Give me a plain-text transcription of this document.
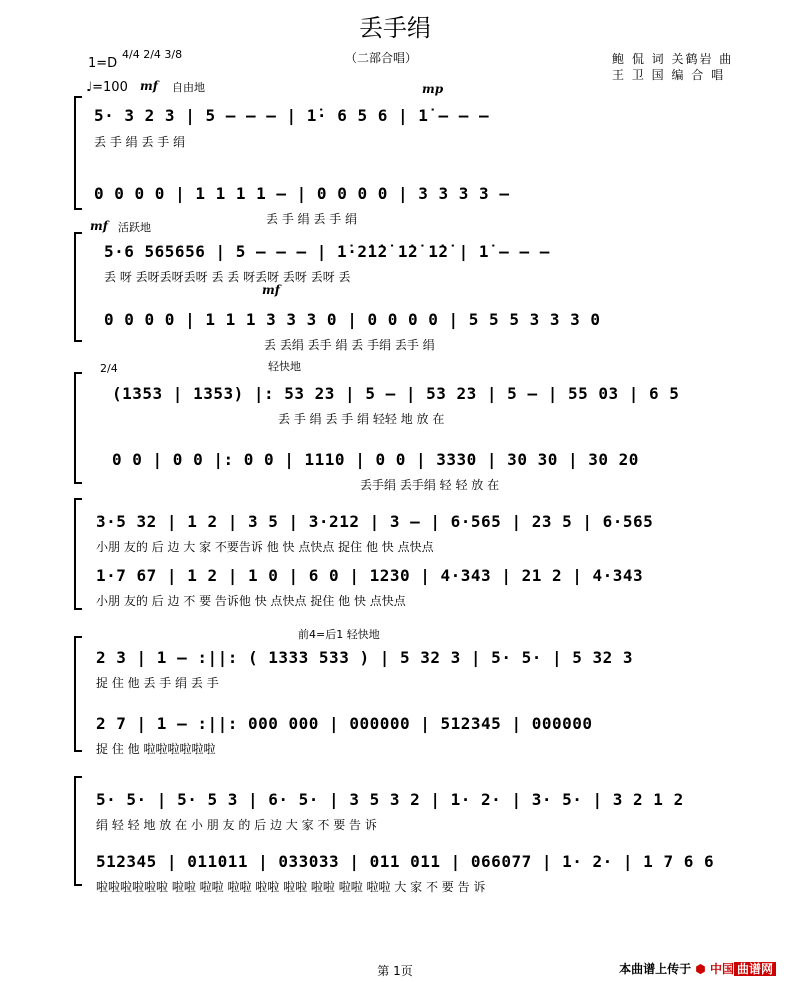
丢手绢
（二部合唱）	鲍 侃 词 关鹤岩 曲
王 卫 国 编 合 唱
1=D
4/4 2/4 3/8
♩=100 mf 自由地	mp
5· 3 2 3 | 5 – – – | 1̇· 6 5 6 | 1̇ – – –
丢 手 绢 丢 手 绢
0 0 0 0 | 1 1 1 1 – | 0 0 0 0 | 3 3 3 3 –
丢 手 绢 丢 手 绢
mf 活跃地
5·6 565656 | 5 – – – | 1̇·2̇1̇2̇ 1̇2̇ 1̇2̇ | 1̇ – – –
丢 呀 丢呀丢呀丢呀 丢 丢 呀丢呀 丢呀 丢呀 丢
mf
0 0 0 0 | 1 1 1 3 3 3 0 | 0 0 0 0 | 5 5 5 3 3 3 0
丢 丢绢 丢手 绢 丢 手绢 丢手 绢
2/4	轻快地
(1353 | 1353) |: 53 23 | 5 – | 53 23 | 5 – | 55 03 | 6 5
丢 手 绢 丢 手 绢 轻轻 地 放 在
0 0 | 0 0 |: 0 0 | 1110 | 0 0 | 3330 | 30 30 | 30 20
丢手绢 丢手绢 轻 轻 放 在
3·5 32 | 1 2 | 3 5 | 3·212 | 3 – | 6·565 | 23 5 | 6·565
小朋 友的 后 边 大 家 不要告诉 他 快 点快点 捉住 他 快 点快点
1·7 67 | 1 2 | 1 0 | 6 0 | 1230 | 4·343 | 21 2 | 4·343
小朋 友的 后 边 不 要 告诉他 快 点快点 捉住 他 快 点快点
前4=后1 轻快地
2 3 | 1 – :||: ( 1333 533 ) | 5 32 3 | 5· 5· | 5 32 3
捉 住 他 丢 手 绢 丢 手
2 7 | 1 – :||: 000 000 | 000000 | 512345 | 000000
捉 住 他 啦啦啦啦啦啦
5· 5· | 5· 5 3 | 6· 5· | 3 5 3 2 | 1· 2· | 3· 5· | 3 2 1 2
绢 轻 轻 地 放 在 小 朋 友 的 后 边 大 家 不 要 告 诉
512345 | 011011 | 033033 | 011 011 | 066077 | 1· 2· | 1 7 6 6
啦啦啦啦啦啦 啦啦 啦啦 啦啦 啦啦 啦啦 啦啦 啦啦 啦啦 大 家 不 要 告 诉
第 1页	本曲谱上传于 ⬢ 中国 曲谱网
